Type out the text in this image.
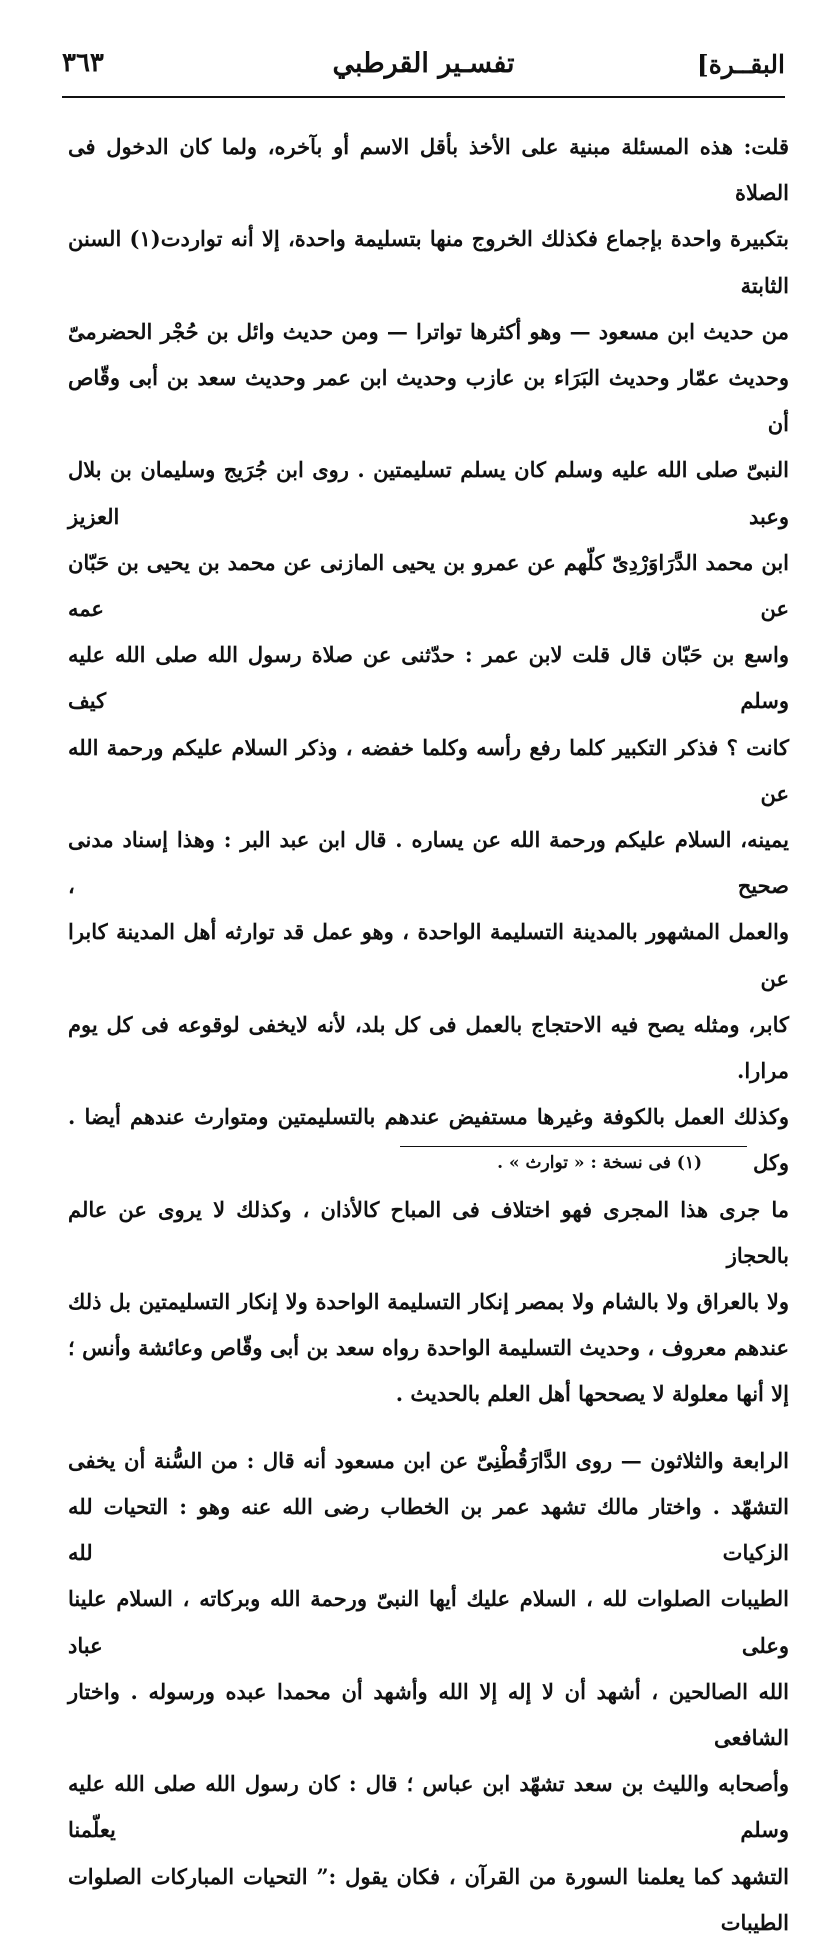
البقــرة]
تفسـير القرطبي
٣٦٣

قلت: هذه المسئلة مبنية على الأخذ بأقل الاسم أو بآخره، ولما كان الدخول فى الصلاة

بتكبيرة واحدة بإجماع فكذلك الخروج منها بتسليمة واحدة، إلا أنه تواردت(١) السنن الثابتة

من حديث ابن مسعود — وهو أكثرها تواترا — ومن حديث وائل بن حُجْر الحضرمىّ

وحديث عمّار وحديث البَرَاء بن عازب وحديث ابن عمر وحديث سعد بن أبى وقّاص أن

النبىّ صلى الله عليه وسلم كان يسلم تسليمتين . روى ابن جُرَيج وسليمان بن بلال وعبد العزيز

ابن محمد الدَّرَاوَرْدِىّ كلّهم عن عمرو بن يحيى المازنى عن محمد بن يحيى بن حَبّان عن عمه

واسع بن حَبّان قال قلت لابن عمر : حدّثنى عن صلاة رسول الله صلى الله عليه وسلم كيف

كانت ؟ فذكر التكبير كلما رفع رأسه وكلما خفضه ، وذكر السلام عليكم ورحمة الله عن

يمينه، السلام عليكم ورحمة الله عن يساره . قال ابن عبد البر : وهذا إسناد مدنى صحيح ،

والعمل المشهور بالمدينة التسليمة الواحدة ، وهو عمل قد توارثه أهل المدينة كابرا عن

كابر، ومثله يصح فيه الاحتجاج بالعمل فى كل بلد، لأنه لايخفى لوقوعه فى كل يوم مرارا.

وكذلك العمل بالكوفة وغيرها مستفيض عندهم بالتسليمتين ومتوارث عندهم أيضا . وكل

ما جرى هذا المجرى فهو اختلاف فى المباح كالأذان ، وكذلك لا يروى عن عالم بالحجاز

ولا بالعراق ولا بالشام ولا بمصر إنكار التسليمة الواحدة ولا إنكار التسليمتين بل ذلك

عندهم معروف ، وحديث التسليمة الواحدة رواه سعد بن أبى وقّاص وعائشة وأنس ؛

إلا أنها معلولة لا يصححها أهل العلم بالحديث .

الرابعة والثلاثون — روى الدَّارَقُطْنِىّ عن ابن مسعود أنه قال : من السُّنة أن يخفى

التشهّد . واختار مالك تشهد عمر بن الخطاب رضى الله عنه وهو : التحيات لله الزكيات لله

الطيبات الصلوات لله ، السلام عليك أيها النبىّ ورحمة الله وبركاته ، السلام علينا وعلى عباد

الله الصالحين ، أشهد أن لا إله إلا الله وأشهد أن محمدا عبده ورسوله . واختار الشافعى

وأصحابه والليث بن سعد تشهّد ابن عباس ؛ قال : كان رسول الله صلى الله عليه وسلم يعلّمنا

التشهد كما يعلمنا السورة من القرآن ، فكان يقول :” التحيات المباركات الصلوات الطيبات

(١) فى نسخة : « توارث » .
